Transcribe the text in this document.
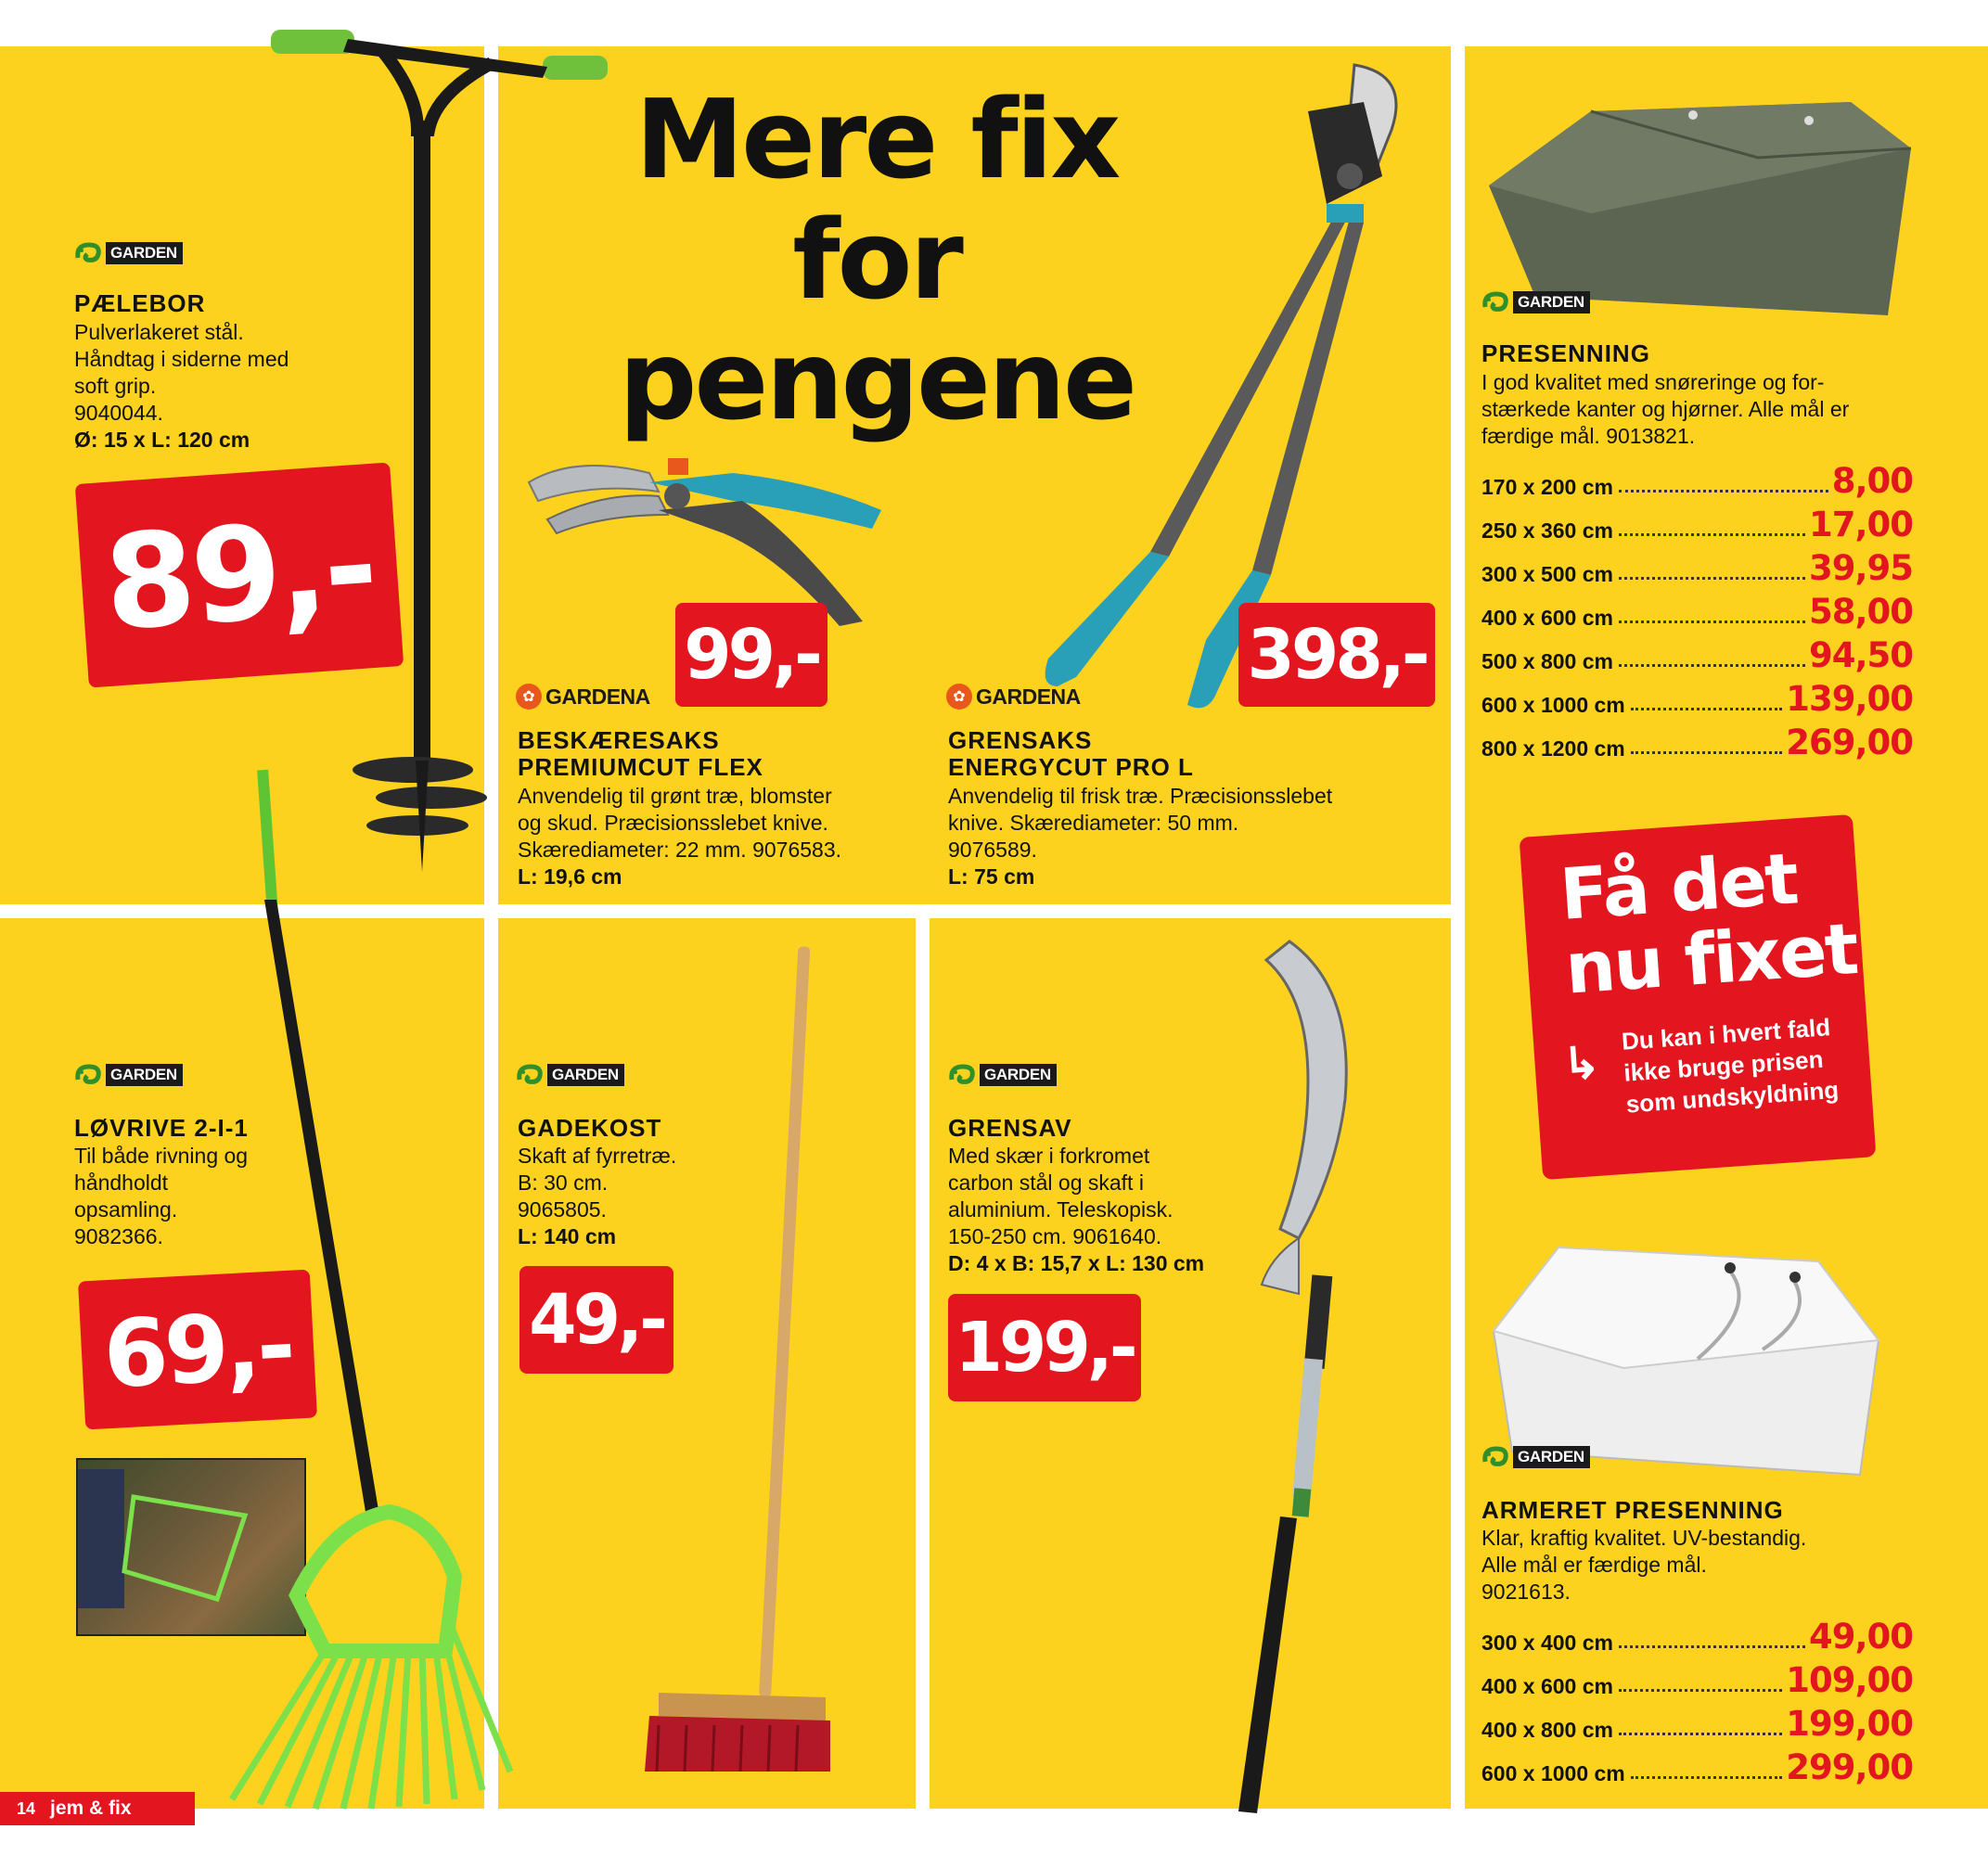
Mere fix
for pengene
GARDEN
PÆLEBOR
Pulverlakeret stål.
Håndtag i siderne med
soft grip.
9040044.
Ø: 15 x L: 120 cm
89,-	99,-
✿ GARDENA
BESKÆRESAKS
PREMIUMCUT FLEX
Anvendelig til grønt træ, blomster
og skud. Præcisionsslebet knive.
Skærediameter: 22 mm. 9076583.
L: 19,6 cm
398,-
✿ GARDENA
GRENSAKS
ENERGYCUT PRO L
Anvendelig til frisk træ. Præcisionsslebet
knive. Skærediameter: 50 mm.
9076589.
L: 75 cm
GARDEN
PRESENNING
I god kvalitet med snøreringe og for-
stærkede kanter og hjørner. Alle mål er
færdige mål. 9013821.
170 x 200 cm	8,00
250 x 360 cm	17,00
300 x 500 cm	39,95
400 x 600 cm	58,00
500 x 800 cm	94,50
600 x 1000 cm	139,00
800 x 1200 cm	269,00
Få det
nu fixet
↳
Du kan i hvert fald
ikke bruge prisen
som undskyldning
GARDEN
ARMERET PRESENNING
Klar, kraftig kvalitet. UV-bestandig.
Alle mål er færdige mål.
9021613.
300 x 400 cm	49,00
400 x 600 cm	109,00
400 x 800 cm	199,00
600 x 1000 cm	299,00
GARDEN
LØVRIVE 2-I-1
Til både rivning og
håndholdt
opsamling.
9082366.
69,-
GARDEN
GADEKOST
Skaft af fyrretræ.
B: 30 cm.
9065805.
L: 140 cm
49,-
GARDEN
GRENSAV
Med skær i forkromet
carbon stål og skaft i
aluminium. Teleskopisk.
150-250 cm. 9061640.
D: 4 x B: 15,7 x L: 130 cm
199,-
14 jem & fix
